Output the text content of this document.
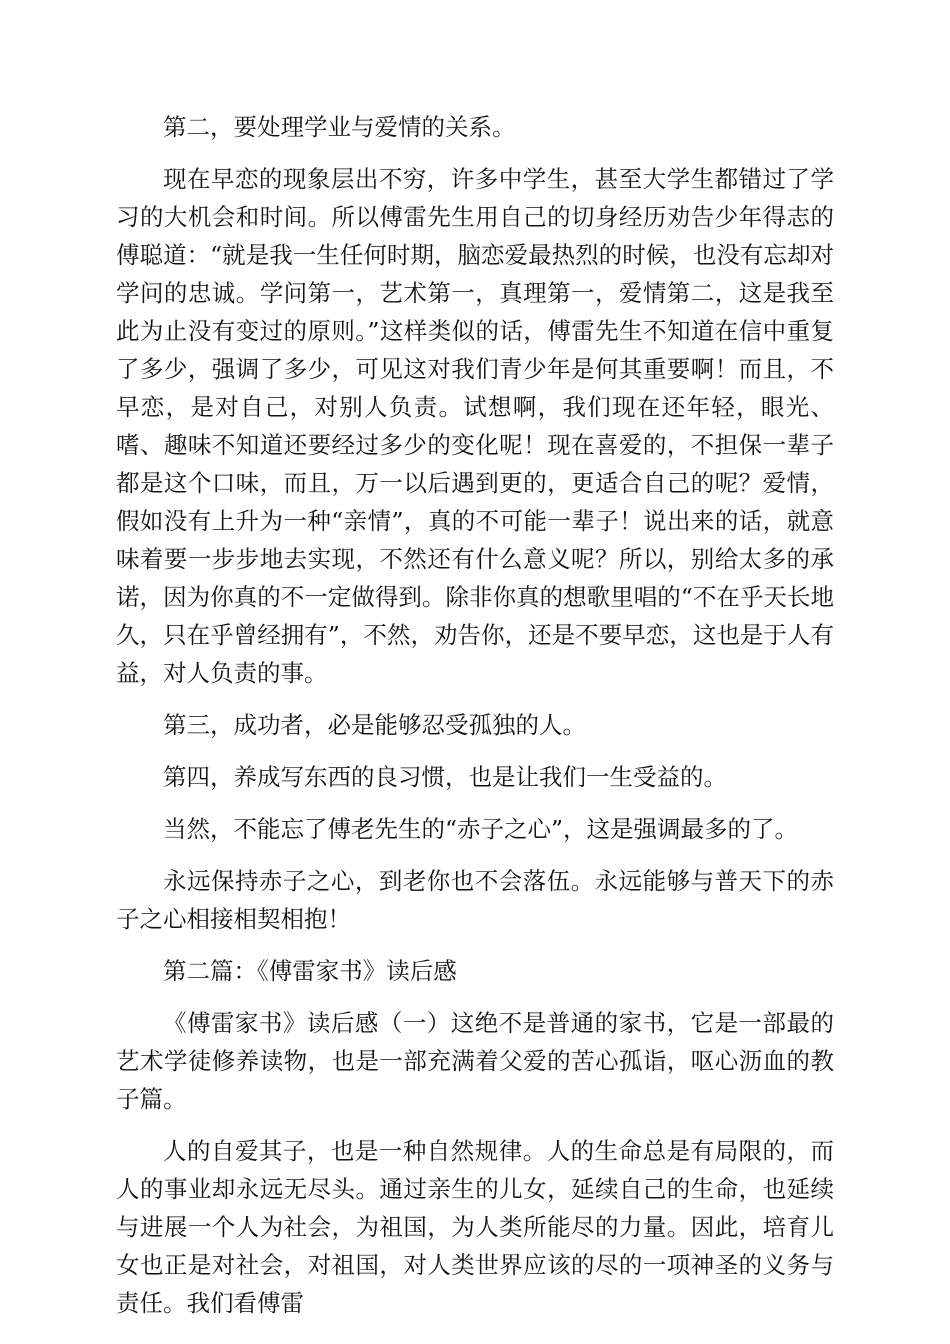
第二，要处理学业与爱情的关系。

现在早恋的现象层出不穷，许多中学生，甚至大学生都错过了学习的大机会和时间。所以傅雷先生用自己的切身经历劝告少年得志的傅聪道：“就是我一生任何时期，脑恋爱最热烈的时候，也没有忘却对学问的忠诚。学问第一，艺术第一，真理第一，爱情第二，这是我至此为止没有变过的原则。”这样类似的话，傅雷先生不知道在信中重复了多少，强调了多少，可见这对我们青少年是何其重要啊！而且，不早恋，是对自己，对别人负责。试想啊，我们现在还年轻，眼光、嗜、趣味不知道还要经过多少的变化呢！现在喜爱的，不担保一辈子都是这个口味，而且，万一以后遇到更的，更适合自己的呢？爱情，假如没有上升为一种“亲情”，真的不可能一辈子！说出来的话，就意味着要一步步地去实现，不然还有什么意义呢？所以，别给太多的承诺，因为你真的不一定做得到。除非你真的想歌里唱的“不在乎天长地久，只在乎曾经拥有”，不然，劝告你，还是不要早恋，这也是于人有益，对人负责的事。

第三，成功者，必是能够忍受孤独的人。

第四，养成写东西的良习惯，也是让我们一生受益的。

当然，不能忘了傅老先生的“赤子之心”，这是强调最多的了。

永远保持赤子之心，到老你也不会落伍。永远能够与普天下的赤子之心相接相契相抱！

第二篇：《傅雷家书》读后感

《傅雷家书》读后感（一）这绝不是普通的家书，它是一部最的艺术学徒修养读物，也是一部充满着父爱的苦心孤诣，呕心沥血的教子篇。

人的自爱其子，也是一种自然规律。人的生命总是有局限的，而人的事业却永远无尽头。通过亲生的儿女，延续自己的生命，也延续与进展一个人为社会，为祖国，为人类所能尽的力量。因此，培育儿女也正是对社会，对祖国，对人类世界应该的尽的一项神圣的义务与责任。我们看傅雷
